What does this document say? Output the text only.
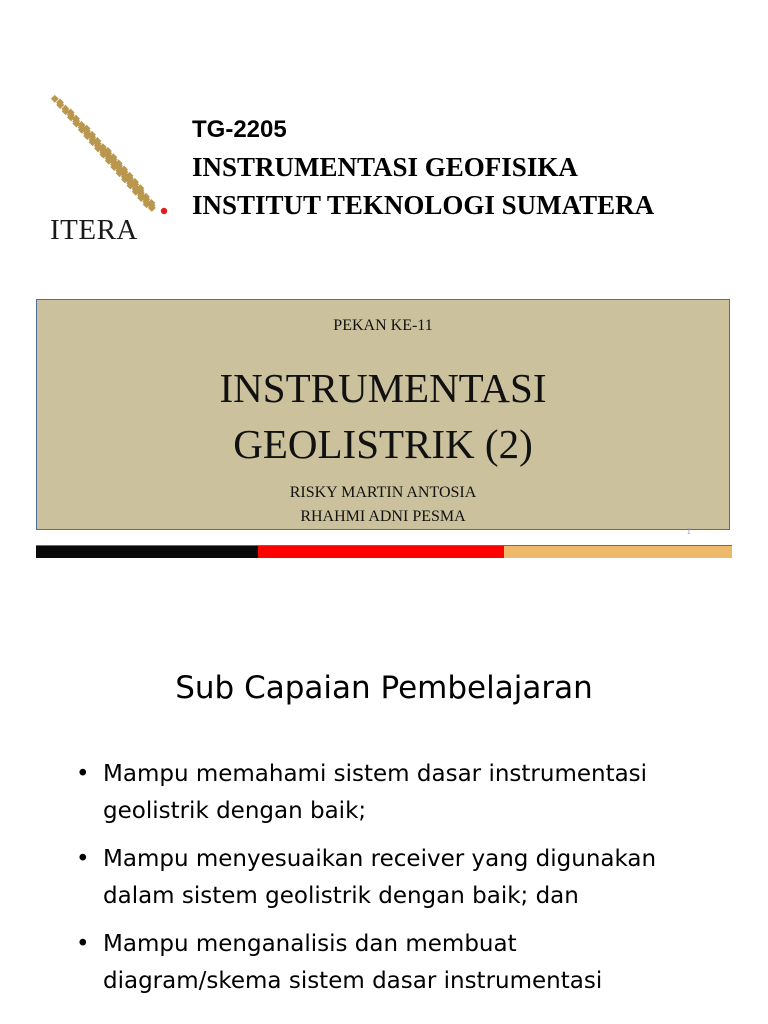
ITERA
TG-2205
INSTRUMENTASI GEOFISIKA
INSTITUT TEKNOLOGI SUMATERA
PEKAN KE-11
INSTRUMENTASI
GEOLISTRIK (2)
RISKY MARTIN ANTOSIA
RHAHMI ADNI PESMA
1
Sub Capaian Pembelajaran
• Mampu memahami sistem dasar instrumentasi geolistrik dengan baik;
• Mampu menyesuaikan receiver yang digunakan dalam sistem geolistrik dengan baik; dan
• Mampu menganalisis dan membuat diagram/skema sistem dasar instrumentasi
